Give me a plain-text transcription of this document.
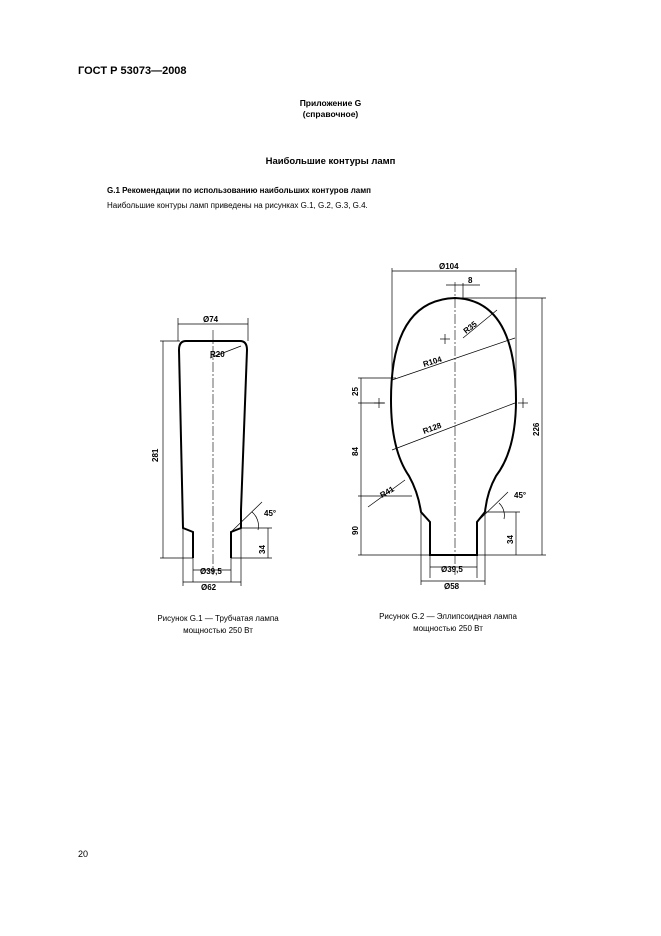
ГОСТ Р 53073—2008
Приложение G
(справочное)
Наибольшие контуры ламп
G.1 Рекомендации по использованию наибольших контуров ламп
Наибольшие контуры ламп приведены на рисунках G.1, G.2, G.3, G.4.
Ø74
R20
281
45°
34
Ø39,5
Ø62
Ø104
8
R35
R104
R128
R41
25
84
90
226
45°
34
Ø39,5
Ø58
Рисунок G.1 — Трубчатая лампа
мощностью 250 Вт
Рисунок G.2 — Эллипсоидная лампа
мощностью 250 Вт
20
